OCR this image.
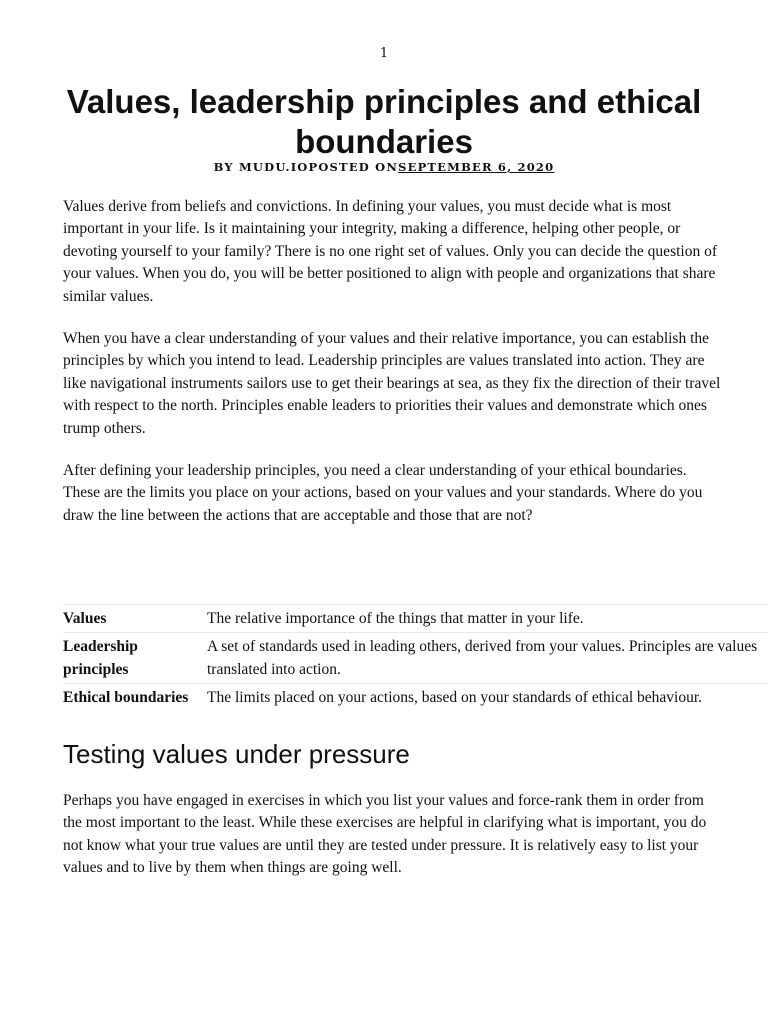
1
Values, leadership principles and ethical boundaries
BY MUDU.IOPOSTED ONSEPTEMBER 6, 2020

Values derive from beliefs and convictions. In defining your values, you must decide what is most important in your life. Is it maintaining your integrity, making a difference, helping other people, or devoting yourself to your family? There is no one right set of values. Only you can decide the question of your values. When you do, you will be better positioned to align with people and organizations that share similar values.

When you have a clear understanding of your values and their relative importance, you can establish the principles by which you intend to lead. Leadership principles are values translated into action. They are like navigational instruments sailors use to get their bearings at sea, as they fix the direction of their travel with respect to the north. Principles enable leaders to priorities their values and demonstrate which ones trump others.

After defining your leadership principles, you need a clear understanding of your ethical boundaries. These are the limits you place on your actions, based on your values and your standards. Where do you draw the line between the actions that are acceptable and those that are not?

Values	The relative importance of the things that matter in your life.
Leadership principles	A set of standards used in leading others, derived from your values. Principles are values translated into action.
Ethical boundaries	The limits placed on your actions, based on your standards of ethical behaviour.
Testing values under pressure

Perhaps you have engaged in exercises in which you list your values and force-rank them in order from the most important to the least. While these exercises are helpful in clarifying what is important, you do not know what your true values are until they are tested under pressure. It is relatively easy to list your values and to live by them when things are going well.
